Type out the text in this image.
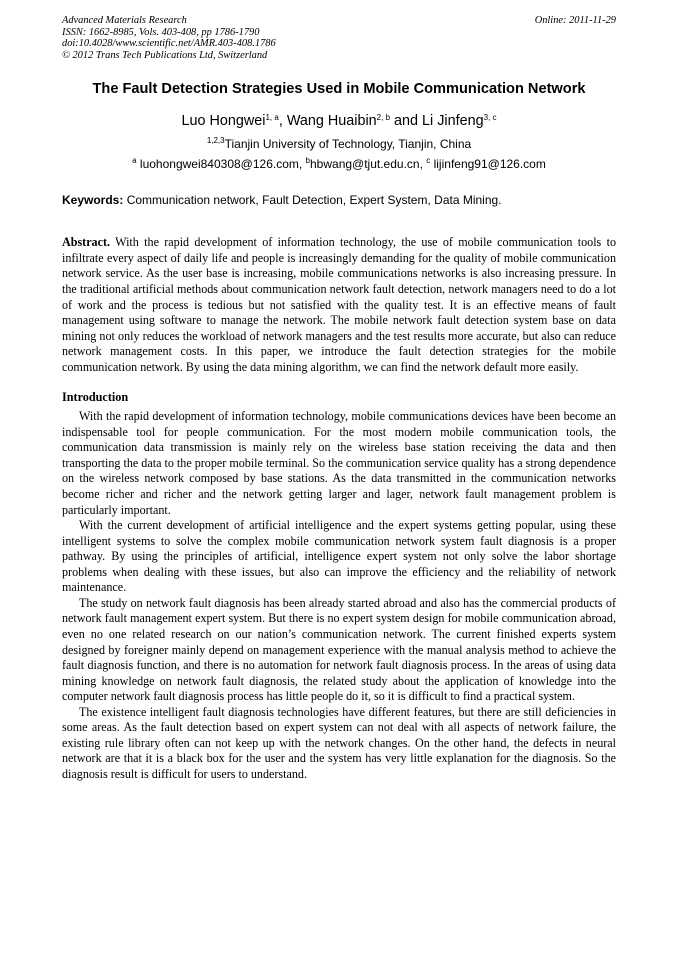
Advanced Materials Research
ISSN: 1662-8985, Vols. 403-408, pp 1786-1790
doi:10.4028/www.scientific.net/AMR.403-408.1786
© 2012 Trans Tech Publications Ltd, Switzerland
Online: 2011-11-29
The Fault Detection Strategies Used in Mobile Communication Network
Luo Hongwei$^{1, a}$, Wang Huaibin$^{2, b}$ and Li Jinfeng$^{3, c}$
$^{1,2,3}$Tianjin University of Technology, Tianjin, China
$^a$ luohongwei840308@126.com, $^b$hbwang@tjut.edu.cn, $^c$ lijinfeng91@126.com
Keywords: Communication network, Fault Detection, Expert System, Data Mining.
Abstract. With the rapid development of information technology, the use of mobile communication tools to infiltrate every aspect of daily life and people is increasingly demanding for the quality of mobile communication network service. As the user base is increasing, mobile communications networks is also increasing pressure. In the traditional artificial methods about communication network fault detection, network managers need to do a lot of work and the process is tedious but not satisfied with the quality test. It is an effective means of fault management using software to manage the network. The mobile network fault detection system base on data mining not only reduces the workload of network managers and the test results more accurate, but also can reduce network management costs. In this paper, we introduce the fault detection strategies for the mobile communication network. By using the data mining algorithm, we can find the network default more easily.
Introduction

With the rapid development of information technology, mobile communications devices have been become an indispensable tool for people communication. For the most modern mobile communication tools, the communication data transmission is mainly rely on the wireless base station receiving the data and then transporting the data to the proper mobile terminal. So the communication service quality has a strong dependence on the wireless network composed by base stations. As the data transmitted in the communication networks become richer and richer and the network getting larger and lager, network fault management problem is particularly important.

With the current development of artificial intelligence and the expert systems getting popular, using these intelligent systems to solve the complex mobile communication network system fault diagnosis is a proper pathway. By using the principles of artificial, intelligence expert system not only solve the labor shortage problems when dealing with these issues, but also can improve the efficiency and the reliability of network maintenance.

The study on network fault diagnosis has been already started abroad and also has the commercial products of network fault management expert system. But there is no expert system design for mobile communication abroad, even no one related research on our nation’s communication network. The current finished experts system designed by foreigner mainly depend on management experience with the manual analysis method to achieve the fault diagnosis function, and there is no automation for network fault diagnosis process. In the areas of using data mining knowledge on network fault diagnosis, the related study about the application of knowledge into the computer network fault diagnosis process has little people do it, so it is difficult to find a practical system.

The existence intelligent fault diagnosis technologies have different features, but there are still deficiencies in some areas. As the fault detection based on expert system can not deal with all aspects of network failure, the existing rule library often can not keep up with the network changes. On the other hand, the defects in neural network are that it is a black box for the user and the system has very little explanation for the diagnosis. So the diagnosis result is difficult for users to understand.
